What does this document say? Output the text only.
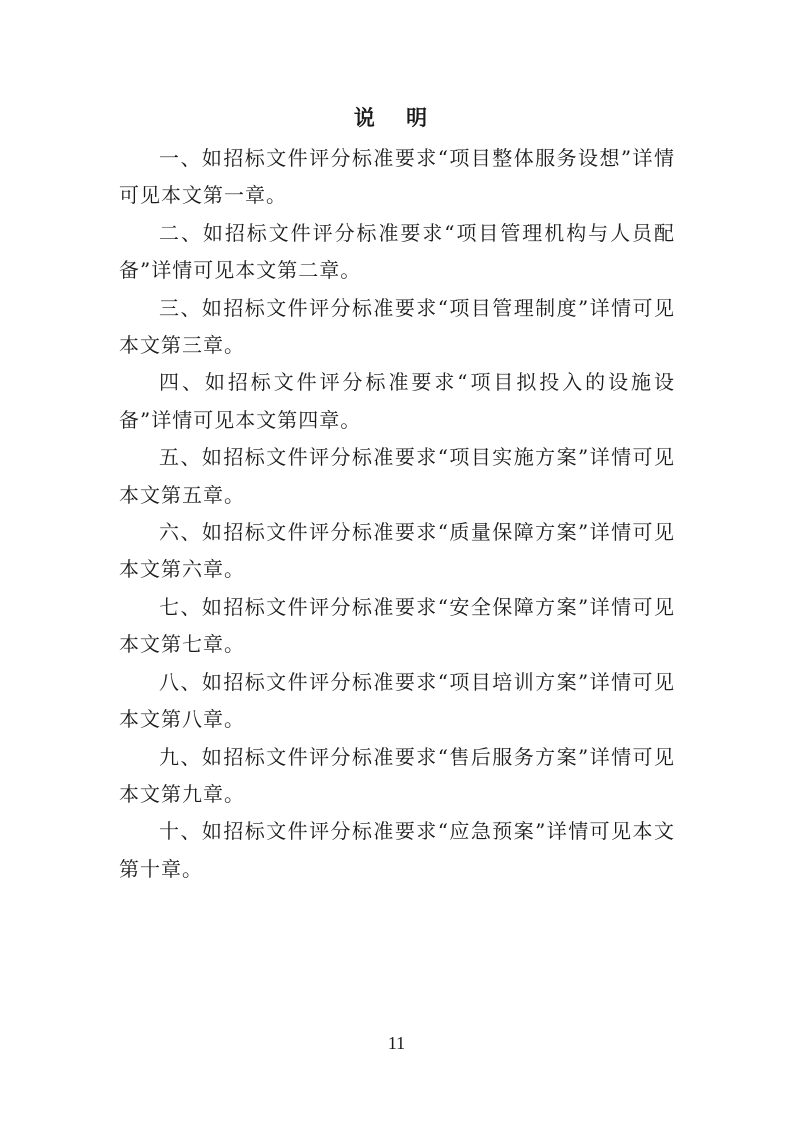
说 明

一、如招标文件评分标准要求“项目整体服务设想”详情可见本文第一章。

二、如招标文件评分标准要求“项目管理机构与人员配备”详情可见本文第二章。

三、如招标文件评分标准要求“项目管理制度”详情可见本文第三章。

四、如招标文件评分标准要求“项目拟投入的设施设备”详情可见本文第四章。

五、如招标文件评分标准要求“项目实施方案”详情可见本文第五章。

六、如招标文件评分标准要求“质量保障方案”详情可见本文第六章。

七、如招标文件评分标准要求“安全保障方案”详情可见本文第七章。

八、如招标文件评分标准要求“项目培训方案”详情可见本文第八章。

九、如招标文件评分标准要求“售后服务方案”详情可见本文第九章。

十、如招标文件评分标准要求“应急预案”详情可见本文第十章。

11
